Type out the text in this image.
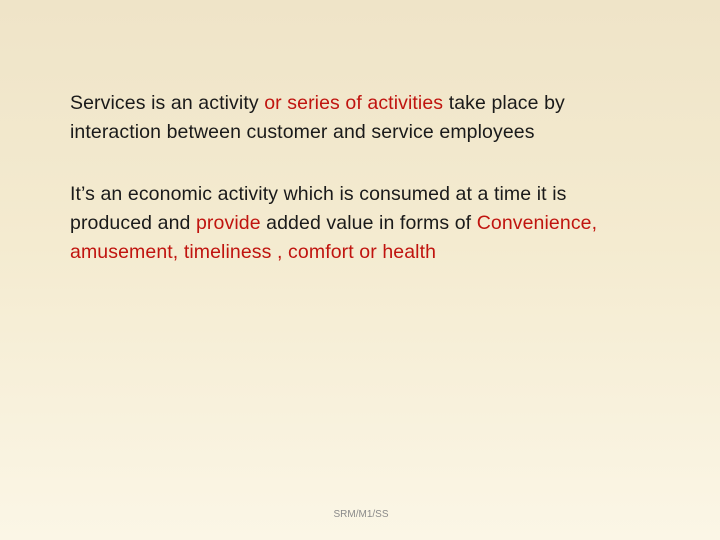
Services is an activity or series of activities take place by
interaction between customer and service employees

It’s an economic activity which is consumed at a time it is
produced and provide added value in forms of Convenience,
amusement, timeliness , comfort or health

SRM/M1/SS
